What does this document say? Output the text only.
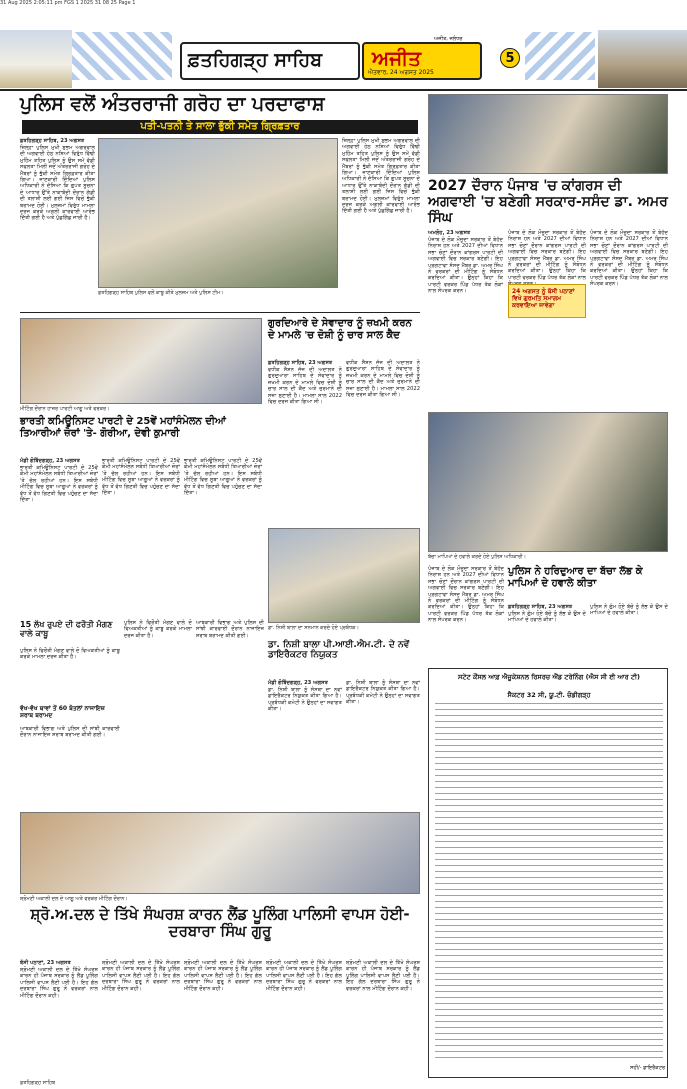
31 Aug 2025 2:05:11 pm FGS 1 2025 31 08 25 Page 1
ਫ਼ਤਹਿਗੜ੍ਹ ਸਾਹਿਬ ਅਜੀਤ
ਐਤਵਾਰ, 24 ਅਗਸਤ 2025
ਅਜੀਤ, ਜਲੰਧਰ
5
ਪੁਲਿਸ ਵਲੋਂ ਅੰਤਰਰਾਜੀ ਗਰੋਹ ਦਾ ਪਰਦਾਫਾਸ਼
ਪਤੀ-ਪਤਨੀ ਤੇ ਸਾਲਾ ਭੁੱਕੀ ਸਮੇਤ ਗ੍ਰਿਫ਼ਤਾਰ
ਫ਼ਤਹਿਗੜ੍ਹ ਸਾਹਿਬ, 23 ਅਗਸਤ
ਜ਼ਿਲ੍ਹਾ ਪੁਲਿਸ ਮੁਖੀ ਸ਼ੁਭਮ ਅਗਰਵਾਲ ਦੀ ਅਗਵਾਈ ਹੇਠ ਨਸ਼ਿਆਂ ਵਿਰੁੱਧ ਵਿੱਢੀ ਮੁਹਿੰਮ ਤਹਿਤ ਪੁਲਿਸ ਨੂੰ ਉਸ ਸਮੇਂ ਵੱਡੀ ਸਫਲਤਾ ਮਿਲੀ ਜਦੋਂ ਅੰਤਰਰਾਜੀ ਗਰੋਹ ਦੇ ਮੈਂਬਰਾਂ ਨੂੰ ਭੁੱਕੀ ਸਮੇਤ ਗ੍ਰਿਫ਼ਤਾਰ ਕੀਤਾ ਗਿਆ। ਜਾਣਕਾਰੀ ਦਿੰਦਿਆਂ ਪੁਲਿਸ ਅਧਿਕਾਰੀ ਨੇ ਦੱਸਿਆ ਕਿ ਗੁਪਤ ਸੂਚਨਾ ਦੇ ਆਧਾਰ ਉੱਤੇ ਨਾਕਾਬੰਦੀ ਦੌਰਾਨ ਗੱਡੀ ਦੀ ਤਲਾਸ਼ੀ ਲਈ ਗਈ ਜਿਸ ਵਿਚੋਂ ਭੁੱਕੀ ਬਰਾਮਦ ਹੋਈ। ਮੁਲਜ਼ਮਾਂ ਵਿਰੁੱਧ ਮਾਮਲਾ ਦਰਜ ਕਰਕੇ ਅਗਲੀ ਕਾਰਵਾਈ ਆਰੰਭ ਦਿੱਤੀ ਗਈ ਹੈ ਅਤੇ ਪੁੱਛਗਿੱਛ ਜਾਰੀ ਹੈ।
ਫ਼ਤਹਿਗੜ੍ਹ ਸਾਹਿਬ ਪੁਲਿਸ ਵਲੋਂ ਕਾਬੂ ਕੀਤੇ ਮੁਲਜ਼ਮ ਅਤੇ ਪੁਲਿਸ ਟੀਮ।
ਜ਼ਿਲ੍ਹਾ ਪੁਲਿਸ ਮੁਖੀ ਸ਼ੁਭਮ ਅਗਰਵਾਲ ਦੀ ਅਗਵਾਈ ਹੇਠ ਨਸ਼ਿਆਂ ਵਿਰੁੱਧ ਵਿੱਢੀ ਮੁਹਿੰਮ ਤਹਿਤ ਪੁਲਿਸ ਨੂੰ ਉਸ ਸਮੇਂ ਵੱਡੀ ਸਫਲਤਾ ਮਿਲੀ ਜਦੋਂ ਅੰਤਰਰਾਜੀ ਗਰੋਹ ਦੇ ਮੈਂਬਰਾਂ ਨੂੰ ਭੁੱਕੀ ਸਮੇਤ ਗ੍ਰਿਫ਼ਤਾਰ ਕੀਤਾ ਗਿਆ। ਜਾਣਕਾਰੀ ਦਿੰਦਿਆਂ ਪੁਲਿਸ ਅਧਿਕਾਰੀ ਨੇ ਦੱਸਿਆ ਕਿ ਗੁਪਤ ਸੂਚਨਾ ਦੇ ਆਧਾਰ ਉੱਤੇ ਨਾਕਾਬੰਦੀ ਦੌਰਾਨ ਗੱਡੀ ਦੀ ਤਲਾਸ਼ੀ ਲਈ ਗਈ ਜਿਸ ਵਿਚੋਂ ਭੁੱਕੀ ਬਰਾਮਦ ਹੋਈ। ਮੁਲਜ਼ਮਾਂ ਵਿਰੁੱਧ ਮਾਮਲਾ ਦਰਜ ਕਰਕੇ ਅਗਲੀ ਕਾਰਵਾਈ ਆਰੰਭ ਦਿੱਤੀ ਗਈ ਹੈ ਅਤੇ ਪੁੱਛਗਿੱਛ ਜਾਰੀ ਹੈ।
2027 ਦੌਰਾਨ ਪੰਜਾਬ 'ਚ ਕਾਂਗਰਸ ਦੀ ਅਗਵਾਈ 'ਚ ਬਣੇਗੀ ਸਰਕਾਰ-ਸਸੰਦ ਡਾ. ਅਮਰ ਸਿੰਘ
ਅਮਲੋਹ, 23 ਅਗਸਤ
ਪੰਜਾਬ ਦੇ ਲੋਕ ਮੌਜੂਦਾ ਸਰਕਾਰ ਤੋਂ ਬੇਹੱਦ ਨਿਰਾਸ਼ ਹਨ ਅਤੇ 2027 ਦੀਆਂ ਵਿਧਾਨ ਸਭਾ ਚੋਣਾਂ ਦੌਰਾਨ ਕਾਂਗਰਸ ਪਾਰਟੀ ਦੀ ਅਗਵਾਈ ਵਿਚ ਸਰਕਾਰ ਬਣੇਗੀ। ਇਹ ਪ੍ਰਗਟਾਵਾ ਸੰਸਦ ਮੈਂਬਰ ਡਾ. ਅਮਰ ਸਿੰਘ ਨੇ ਵਰਕਰਾਂ ਦੀ ਮੀਟਿੰਗ ਨੂੰ ਸੰਬੋਧਨ ਕਰਦਿਆਂ ਕੀਤਾ। ਉਨ੍ਹਾਂ ਕਿਹਾ ਕਿ ਪਾਰਟੀ ਵਰਕਰ ਪਿੰਡ ਪੱਧਰ ਤੱਕ ਲੋਕਾਂ ਨਾਲ ਸੰਪਰਕ ਕਰਨ।
ਪੰਜਾਬ ਦੇ ਲੋਕ ਮੌਜੂਦਾ ਸਰਕਾਰ ਤੋਂ ਬੇਹੱਦ ਨਿਰਾਸ਼ ਹਨ ਅਤੇ 2027 ਦੀਆਂ ਵਿਧਾਨ ਸਭਾ ਚੋਣਾਂ ਦੌਰਾਨ ਕਾਂਗਰਸ ਪਾਰਟੀ ਦੀ ਅਗਵਾਈ ਵਿਚ ਸਰਕਾਰ ਬਣੇਗੀ। ਇਹ ਪ੍ਰਗਟਾਵਾ ਸੰਸਦ ਮੈਂਬਰ ਡਾ. ਅਮਰ ਸਿੰਘ ਨੇ ਵਰਕਰਾਂ ਦੀ ਮੀਟਿੰਗ ਨੂੰ ਸੰਬੋਧਨ ਕਰਦਿਆਂ ਕੀਤਾ। ਉਨ੍ਹਾਂ ਕਿਹਾ ਕਿ ਪਾਰਟੀ ਵਰਕਰ ਪਿੰਡ ਪੱਧਰ ਤੱਕ ਲੋਕਾਂ ਨਾਲ
24 ਅਗਸਤ ਨੂੰ ਬੱਸੀ ਪਠਾਣਾਂ ਵਿਖੇ ਗੁਰਮਤਿ ਸਮਾਗਮ ਕਰਵਾਇਆ ਜਾਵੇਗਾ
ਪੰਜਾਬ ਦੇ ਲੋਕ ਮੌਜੂਦਾ ਸਰਕਾਰ ਤੋਂ ਬੇਹੱਦ ਨਿਰਾਸ਼ ਹਨ ਅਤੇ 2027 ਦੀਆਂ ਵਿਧਾਨ ਸਭਾ ਚੋਣਾਂ ਦੌਰਾਨ ਕਾਂਗਰਸ ਪਾਰਟੀ ਦੀ ਅਗਵਾਈ ਵਿਚ ਸਰਕਾਰ ਬਣੇਗੀ। ਇਹ ਪ੍ਰਗਟਾਵਾ ਸੰਸਦ ਮੈਂਬਰ ਡਾ. ਅਮਰ ਸਿੰਘ ਨੇ ਵਰਕਰਾਂ ਦੀ ਮੀਟਿੰਗ ਨੂੰ ਸੰਬੋਧਨ ਕਰਦਿਆਂ ਕੀਤਾ। ਉਨ੍ਹਾਂ ਕਿਹਾ ਕਿ ਪਾਰਟੀ ਵਰਕਰ ਪਿੰਡ ਪੱਧਰ ਤੱਕ ਲੋਕਾਂ ਨਾਲ ਸੰਪਰਕ ਕਰਨ।
ਗੁਰਦਿਆਰੇ ਦੇ ਸੇਵਾਦਾਰ ਨੂੰ ਜ਼ਖਮੀ ਕਰਨ ਦੇ ਮਾਮਲੇ 'ਚ ਦੋਸ਼ੀ ਨੂੰ ਚਾਰ ਸਾਲ ਕੈਦ
ਫ਼ਤਹਿਗੜ੍ਹ ਸਾਹਿਬ, 23 ਅਗਸਤ
ਵਧੀਕ ਸੈਸ਼ਨ ਜੱਜ ਦੀ ਅਦਾਲਤ ਨੇ ਗੁਰਦੁਆਰਾ ਸਾਹਿਬ ਦੇ ਸੇਵਾਦਾਰ ਨੂੰ ਜ਼ਖਮੀ ਕਰਨ ਦੇ ਮਾਮਲੇ ਵਿਚ ਦੋਸ਼ੀ ਨੂੰ ਚਾਰ ਸਾਲ ਦੀ ਕੈਦ ਅਤੇ ਜੁਰਮਾਨੇ ਦੀ ਸਜ਼ਾ ਸੁਣਾਈ ਹੈ। ਮਾਮਲਾ ਸਾਲ 2022 ਵਿਚ ਦਰਜ ਕੀਤਾ ਗਿਆ ਸੀ।
ਵਧੀਕ ਸੈਸ਼ਨ ਜੱਜ ਦੀ ਅਦਾਲਤ ਨੇ ਗੁਰਦੁਆਰਾ ਸਾਹਿਬ ਦੇ ਸੇਵਾਦਾਰ ਨੂੰ ਜ਼ਖਮੀ ਕਰਨ ਦੇ ਮਾਮਲੇ ਵਿਚ ਦੋਸ਼ੀ ਨੂੰ ਚਾਰ ਸਾਲ ਦੀ ਕੈਦ ਅਤੇ ਜੁਰਮਾਨੇ ਦੀ ਸਜ਼ਾ ਸੁਣਾਈ ਹੈ। ਮਾਮਲਾ ਸਾਲ 2022 ਵਿਚ ਦਰਜ ਕੀਤਾ ਗਿਆ ਸੀ।
ਮੀਟਿੰਗ ਦੌਰਾਨ ਹਾਜ਼ਰ ਪਾਰਟੀ ਆਗੂ ਅਤੇ ਵਰਕਰ।
ਭਾਰਤੀ ਕਮਿਊਨਿਸਟ ਪਾਰਟੀ ਦੇ 25ਵੇਂ ਮਹਾਂਸੰਮੇਲਨ ਦੀਆਂ ਤਿਆਰੀਆਂ ਜ਼ੋਰਾਂ 'ਤੇ- ਗੋਰੀਆ, ਦੇਵੀ ਕੁਮਾਰੀ
ਮੰਡੀ ਗੋਬਿੰਦਗੜ੍ਹ, 23 ਅਗਸਤ
ਭਾਰਤੀ ਕਮਿਊਨਿਸਟ ਪਾਰਟੀ ਦੇ 25ਵੇਂ ਕੌਮੀ ਮਹਾਂਸੰਮੇਲਨ ਸਬੰਧੀ ਤਿਆਰੀਆਂ ਜ਼ੋਰਾਂ 'ਤੇ ਚੱਲ ਰਹੀਆਂ ਹਨ। ਇਸ ਸਬੰਧੀ ਮੀਟਿੰਗ ਵਿਚ ਸੂਬਾ ਆਗੂਆਂ ਨੇ ਵਰਕਰਾਂ ਨੂੰ ਵੱਧ ਤੋਂ ਵੱਧ ਗਿਣਤੀ ਵਿਚ ਪਹੁੰਚਣ ਦਾ ਸੱਦਾ ਦਿੱਤਾ।
ਭਾਰਤੀ ਕਮਿਊਨਿਸਟ ਪਾਰਟੀ ਦੇ 25ਵੇਂ ਕੌਮੀ ਮਹਾਂਸੰਮੇਲਨ ਸਬੰਧੀ ਤਿਆਰੀਆਂ ਜ਼ੋਰਾਂ 'ਤੇ ਚੱਲ ਰਹੀਆਂ ਹਨ। ਇਸ ਸਬੰਧੀ ਮੀਟਿੰਗ ਵਿਚ ਸੂਬਾ ਆਗੂਆਂ ਨੇ ਵਰਕਰਾਂ ਨੂੰ ਵੱਧ ਤੋਂ ਵੱਧ ਗਿਣਤੀ ਵਿਚ ਪਹੁੰਚਣ ਦਾ ਸੱਦਾ ਦਿੱਤਾ।
ਭਾਰਤੀ ਕਮਿਊਨਿਸਟ ਪਾਰਟੀ ਦੇ 25ਵੇਂ ਕੌਮੀ ਮਹਾਂਸੰਮੇਲਨ ਸਬੰਧੀ ਤਿਆਰੀਆਂ ਜ਼ੋਰਾਂ 'ਤੇ ਚੱਲ ਰਹੀਆਂ ਹਨ। ਇਸ ਸਬੰਧੀ ਮੀਟਿੰਗ ਵਿਚ ਸੂਬਾ ਆਗੂਆਂ ਨੇ ਵਰਕਰਾਂ ਨੂੰ ਵੱਧ ਤੋਂ ਵੱਧ ਗਿਣਤੀ ਵਿਚ ਪਹੁੰਚਣ ਦਾ ਸੱਦਾ ਦਿੱਤਾ।
ਡਾ. ਨਿਸ਼ੀ ਬਾਲਾ ਦਾ ਸਨਮਾਨ ਕਰਦੇ ਹੋਏ ਪ੍ਰਬੰਧਕ।
ਡਾ. ਨਿਸ਼ੀ ਬਾਲਾ ਪੀ.ਆਈ.ਐਮ.ਟੀ. ਦੇ ਨਵੇਂ ਡਾਇਰੈਕਟਰ ਨਿਯੁਕਤ
ਮੰਡੀ ਗੋਬਿੰਦਗੜ੍ਹ, 23 ਅਗਸਤ
ਡਾ. ਨਿਸ਼ੀ ਬਾਲਾ ਨੂੰ ਸੰਸਥਾ ਦਾ ਨਵਾਂ ਡਾਇਰੈਕਟਰ ਨਿਯੁਕਤ ਕੀਤਾ ਗਿਆ ਹੈ। ਪ੍ਰਬੰਧਕੀ ਕਮੇਟੀ ਨੇ ਉਨ੍ਹਾਂ ਦਾ ਸਵਾਗਤ ਕੀਤਾ।
ਡਾ. ਨਿਸ਼ੀ ਬਾਲਾ ਨੂੰ ਸੰਸਥਾ ਦਾ ਨਵਾਂ ਡਾਇਰੈਕਟਰ ਨਿਯੁਕਤ ਕੀਤਾ ਗਿਆ ਹੈ। ਪ੍ਰਬੰਧਕੀ ਕਮੇਟੀ ਨੇ ਉਨ੍ਹਾਂ ਦਾ ਸਵਾਗਤ ਕੀਤਾ।
15 ਲੱਖ ਰੁਪਏ ਦੀ ਫਰੌਤੀ ਮੰਗਣ ਵਾਲੇ ਕਾਬੂ
ਪੁਲਿਸ ਨੇ ਫਿਰੌਤੀ ਮੰਗਣ ਵਾਲੇ ਦੋ ਵਿਅਕਤੀਆਂ ਨੂੰ ਕਾਬੂ ਕਰਕੇ ਮਾਮਲਾ ਦਰਜ ਕੀਤਾ ਹੈ।
ਵੱਖ-ਵੱਖ ਥਾਵਾਂ ਤੋਂ 60 ਬੋਤਲਾਂ ਨਾਜਾਇਜ਼ ਸ਼ਰਾਬ ਬਰਾਮਦ
ਆਬਕਾਰੀ ਵਿਭਾਗ ਅਤੇ ਪੁਲਿਸ ਦੀ ਸਾਂਝੀ ਕਾਰਵਾਈ ਦੌਰਾਨ ਨਾਜਾਇਜ਼ ਸ਼ਰਾਬ ਬਰਾਮਦ ਕੀਤੀ ਗਈ।
ਪੁਲਿਸ ਨੇ ਫਿਰੌਤੀ ਮੰਗਣ ਵਾਲੇ ਦੋ ਵਿਅਕਤੀਆਂ ਨੂੰ ਕਾਬੂ ਕਰਕੇ ਮਾਮਲਾ ਦਰਜ ਕੀਤਾ ਹੈ।
ਆਬਕਾਰੀ ਵਿਭਾਗ ਅਤੇ ਪੁਲਿਸ ਦੀ ਸਾਂਝੀ ਕਾਰਵਾਈ ਦੌਰਾਨ ਨਾਜਾਇਜ਼ ਸ਼ਰਾਬ ਬਰਾਮਦ ਕੀਤੀ ਗਈ।
ਬੱਚਾ ਮਾਪਿਆਂ ਦੇ ਹਵਾਲੇ ਕਰਦੇ ਹੋਏ ਪੁਲਿਸ ਅਧਿਕਾਰੀ।
ਪੁਲਿਸ ਨੇ ਹਰਿਦੁਆਰ ਦਾ ਬੱਚਾ ਲੱਭ ਕੇ ਮਾਪਿਆਂ ਦੇ ਹਵਾਲੇ ਕੀਤਾ
ਫ਼ਤਹਿਗੜ੍ਹ ਸਾਹਿਬ, 23 ਅਗਸਤ
ਪੁਲਿਸ ਨੇ ਗੁੰਮ ਹੋਏ ਬੱਚੇ ਨੂੰ ਲੱਭ ਕੇ ਉਸ ਦੇ ਮਾਪਿਆਂ ਦੇ ਹਵਾਲੇ ਕੀਤਾ।
ਪੁਲਿਸ ਨੇ ਗੁੰਮ ਹੋਏ ਬੱਚੇ ਨੂੰ ਲੱਭ ਕੇ ਉਸ ਦੇ ਮਾਪਿਆਂ ਦੇ ਹਵਾਲੇ ਕੀਤਾ।
ਪੰਜਾਬ ਦੇ ਲੋਕ ਮੌਜੂਦਾ ਸਰਕਾਰ ਤੋਂ ਬੇਹੱਦ ਨਿਰਾਸ਼ ਹਨ ਅਤੇ 2027 ਦੀਆਂ ਵਿਧਾਨ ਸਭਾ ਚੋਣਾਂ ਦੌਰਾਨ ਕਾਂਗਰਸ ਪਾਰਟੀ ਦੀ ਅਗਵਾਈ ਵਿਚ ਸਰਕਾਰ ਬਣੇਗੀ। ਇਹ ਪ੍ਰਗਟਾਵਾ ਸੰਸਦ ਮੈਂਬਰ ਡਾ. ਅਮਰ ਸਿੰਘ ਨੇ ਵਰਕਰਾਂ ਦੀ ਮੀਟਿੰਗ ਨੂੰ ਸੰਬੋਧਨ ਕਰਦਿਆਂ ਕੀਤਾ। ਉਨ੍ਹਾਂ ਕਿਹਾ ਕਿ ਪਾਰਟੀ ਵਰਕਰ ਪਿੰਡ ਪੱਧਰ ਤੱਕ ਲੋਕਾਂ ਨਾਲ ਸੰਪਰਕ ਕਰਨ।
ਸਟੇਟ ਕੌਂਸਲ ਆਫ਼ ਐਜੂਕੇਸ਼ਨਲ ਰਿਸਰਚ ਐਂਡ ਟਰੇਨਿੰਗ (ਐਸ ਸੀ ਈ ਆਰ ਟੀ)
ਸੈਕਟਰ 32 ਸੀ, ਯੂ.ਟੀ. ਚੰਡੀਗੜ੍ਹ
ਸਹੀ/- ਡਾਇਰੈਕਟਰ
ਸ਼੍ਰੋਮਣੀ ਅਕਾਲੀ ਦਲ ਦੇ ਆਗੂ ਅਤੇ ਵਰਕਰ ਮੀਟਿੰਗ ਦੌਰਾਨ।
ਸ਼੍ਰੋ.ਅ.ਦਲ ਦੇ ਤਿੱਖੇ ਸੰਘਰਸ਼ ਕਾਰਨ ਲੈਂਡ ਪੂਲਿੰਗ ਪਾਲਿਸੀ ਵਾਪਸ ਹੋਈ-ਦਰਬਾਰਾ ਸਿੰਘ ਗੁਰੂ
ਬੱਸੀ ਪਠਾਣਾਂ, 23 ਅਗਸਤ
ਸ਼੍ਰੋਮਣੀ ਅਕਾਲੀ ਦਲ ਦੇ ਤਿੱਖੇ ਸੰਘਰਸ਼ ਕਾਰਨ ਹੀ ਪੰਜਾਬ ਸਰਕਾਰ ਨੂੰ ਲੈਂਡ ਪੂਲਿੰਗ ਪਾਲਿਸੀ ਵਾਪਸ ਲੈਣੀ ਪਈ ਹੈ। ਇਹ ਗੱਲ ਦਰਬਾਰਾ ਸਿੰਘ ਗੁਰੂ ਨੇ ਵਰਕਰਾਂ ਨਾਲ ਮੀਟਿੰਗ ਦੌਰਾਨ ਕਹੀ।
ਸ਼੍ਰੋਮਣੀ ਅਕਾਲੀ ਦਲ ਦੇ ਤਿੱਖੇ ਸੰਘਰਸ਼ ਕਾਰਨ ਹੀ ਪੰਜਾਬ ਸਰਕਾਰ ਨੂੰ ਲੈਂਡ ਪੂਲਿੰਗ ਪਾਲਿਸੀ ਵਾਪਸ ਲੈਣੀ ਪਈ ਹੈ। ਇਹ ਗੱਲ ਦਰਬਾਰਾ ਸਿੰਘ ਗੁਰੂ ਨੇ ਵਰਕਰਾਂ ਨਾਲ ਮੀਟਿੰਗ ਦੌਰਾਨ ਕਹੀ।
ਸ਼੍ਰੋਮਣੀ ਅਕਾਲੀ ਦਲ ਦੇ ਤਿੱਖੇ ਸੰਘਰਸ਼ ਕਾਰਨ ਹੀ ਪੰਜਾਬ ਸਰਕਾਰ ਨੂੰ ਲੈਂਡ ਪੂਲਿੰਗ ਪਾਲਿਸੀ ਵਾਪਸ ਲੈਣੀ ਪਈ ਹੈ। ਇਹ ਗੱਲ ਦਰਬਾਰਾ ਸਿੰਘ ਗੁਰੂ ਨੇ ਵਰਕਰਾਂ ਨਾਲ ਮੀਟਿੰਗ ਦੌਰਾਨ ਕਹੀ।
ਸ਼੍ਰੋਮਣੀ ਅਕਾਲੀ ਦਲ ਦੇ ਤਿੱਖੇ ਸੰਘਰਸ਼ ਕਾਰਨ ਹੀ ਪੰਜਾਬ ਸਰਕਾਰ ਨੂੰ ਲੈਂਡ ਪੂਲਿੰਗ ਪਾਲਿਸੀ ਵਾਪਸ ਲੈਣੀ ਪਈ ਹੈ। ਇਹ ਗੱਲ ਦਰਬਾਰਾ ਸਿੰਘ ਗੁਰੂ ਨੇ ਵਰਕਰਾਂ ਨਾਲ ਮੀਟਿੰਗ ਦੌਰਾਨ ਕਹੀ।
ਸ਼੍ਰੋਮਣੀ ਅਕਾਲੀ ਦਲ ਦੇ ਤਿੱਖੇ ਸੰਘਰਸ਼ ਕਾਰਨ ਹੀ ਪੰਜਾਬ ਸਰਕਾਰ ਨੂੰ ਲੈਂਡ ਪੂਲਿੰਗ ਪਾਲਿਸੀ ਵਾਪਸ ਲੈਣੀ ਪਈ ਹੈ। ਇਹ ਗੱਲ ਦਰਬਾਰਾ ਸਿੰਘ ਗੁਰੂ ਨੇ ਵਰਕਰਾਂ ਨਾਲ ਮੀਟਿੰਗ ਦੌਰਾਨ ਕਹੀ।
ਫ਼ਤਹਿਗੜ੍ਹ ਸਾਹਿਬ
